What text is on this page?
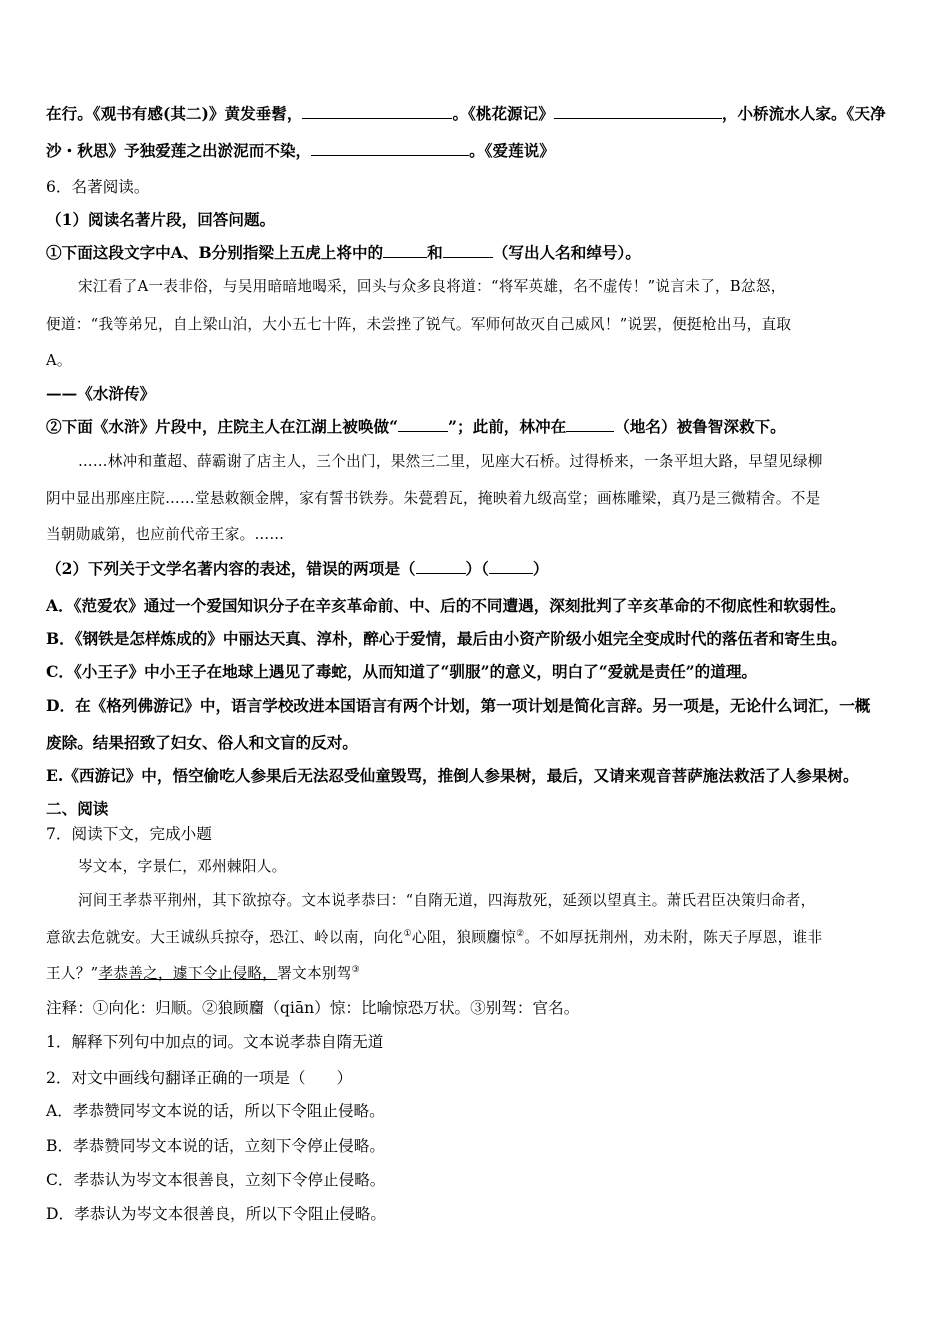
在行。《观书有感(其二)》黄发垂髫，	。《桃花源记》	，小桥流水人家。《天净
沙・秋思》予独爱莲之出淤泥而不染，	。《爱莲说》
6．名著阅读。
（1）阅读名著片段，回答问题。
①下面这段文字中A、B分别指梁上五虎上将中的	和	（写出人名和绰号）。
宋江看了A一表非俗，与吴用暗暗地喝采，回头与众多良将道：“将军英雄，名不虚传！”说言未了，B忿怒，
便道：“我等弟兄，自上梁山泊，大小五七十阵，未尝挫了锐气。军师何故灭自己威风！”说罢，便挺枪出马，直取
A。
——《水浒传》
②下面《水浒》片段中，庄院主人在江湖上被唤做“	”；此前，林冲在	（地名）被鲁智深救下。
……林冲和董超、薛霸谢了店主人，三个出门，果然三二里，见座大石桥。过得桥来，一条平坦大路，早望见绿柳
阴中显出那座庄院……堂悬敕额金牌，家有誓书铁券。朱甍碧瓦，掩映着九级高堂；画栋雕梁，真乃是三微精舍。不是
当朝勋戚第，也应前代帝王家。……
（2）下列关于文学名著内容的表述，错误的两项是（	）（	）
A．《范爱农》通过一个爱国知识分子在辛亥革命前、中、后的不同遭遇，深刻批判了辛亥革命的不彻底性和软弱性。
B．《钢铁是怎样炼成的》中丽达天真、淳朴，醉心于爱情，最后由小资产阶级小姐完全变成时代的落伍者和寄生虫。
C．《小王子》中小王子在地球上遇见了毒蛇，从而知道了“驯服”的意义，明白了“爱就是责任”的道理。
D．在《格列佛游记》中，语言学校改进本国语言有两个计划，第一项计划是简化言辞。另一项是，无论什么词汇，一概
废除。结果招致了妇女、俗人和文盲的反对。
E.《西游记》中，悟空偷吃人参果后无法忍受仙童毁骂，推倒人参果树，最后，又请来观音菩萨施法救活了人参果树。
二、阅读
7．阅读下文，完成小题
岑文本，字景仁，邓州棘阳人。
河间王孝恭平荆州，其下欲掠夺。文本说孝恭曰：“自隋无道，四海敖死，延颈以望真主。萧氏君臣决策归命者，
意欲去危就安。大王诚纵兵掠夺，恐江、岭以南，向化①心阻，狼顾麕惊②。不如厚抚荆州，劝未附，陈天子厚恩，谁非
王人？”孝恭善之，遽下令止侵略，署文本别驾③
注释：①向化：归顺。②狼顾麕（qiān）惊：比喻惊恐万状。③别驾：官名。
1．解释下列句中加点的词。文本说孝恭自隋无道
2．对文中画线句翻译正确的一项是（　　）
A．孝恭赞同岑文本说的话，所以下令阻止侵略。
B．孝恭赞同岑文本说的话，立刻下令停止侵略。
C．孝恭认为岑文本很善良，立刻下令停止侵略。
D．孝恭认为岑文本很善良，所以下令阻止侵略。
